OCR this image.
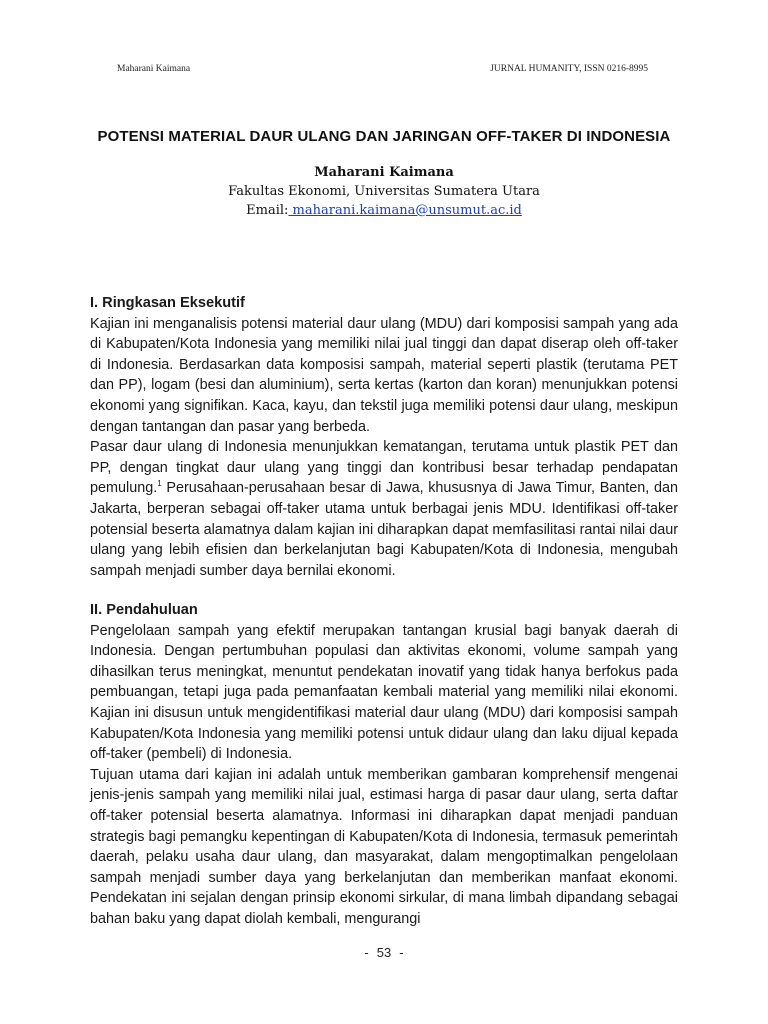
Maharani Kaimana	JURNAL HUMANITY, ISSN 0216-8995
POTENSI MATERIAL DAUR ULANG DAN JARINGAN OFF-TAKER DI INDONESIA
Maharani Kaimana
Fakultas Ekonomi, Universitas Sumatera Utara
Email: maharani.kaimana@unsumut.ac.id
I. Ringkasan Eksekutif

Kajian ini menganalisis potensi material daur ulang (MDU) dari komposisi sampah yang ada di Kabupaten/Kota Indonesia yang memiliki nilai jual tinggi dan dapat diserap oleh off-taker di Indonesia. Berdasarkan data komposisi sampah, material seperti plastik (terutama PET dan PP), logam (besi dan aluminium), serta kertas (karton dan koran) menunjukkan potensi ekonomi yang signifikan. Kaca, kayu, dan tekstil juga memiliki potensi daur ulang, meskipun dengan tantangan dan pasar yang berbeda.

Pasar daur ulang di Indonesia menunjukkan kematangan, terutama untuk plastik PET dan PP, dengan tingkat daur ulang yang tinggi dan kontribusi besar terhadap pendapatan pemulung.$^1$ Perusahaan-perusahaan besar di Jawa, khususnya di Jawa Timur, Banten, dan Jakarta, berperan sebagai off-taker utama untuk berbagai jenis MDU. Identifikasi off-taker potensial beserta alamatnya dalam kajian ini diharapkan dapat memfasilitasi rantai nilai daur ulang yang lebih efisien dan berkelanjutan bagi Kabupaten/Kota di Indonesia, mengubah sampah menjadi sumber daya bernilai ekonomi.

II. Pendahuluan

Pengelolaan sampah yang efektif merupakan tantangan krusial bagi banyak daerah di Indonesia. Dengan pertumbuhan populasi dan aktivitas ekonomi, volume sampah yang dihasilkan terus meningkat, menuntut pendekatan inovatif yang tidak hanya berfokus pada pembuangan, tetapi juga pada pemanfaatan kembali material yang memiliki nilai ekonomi. Kajian ini disusun untuk mengidentifikasi material daur ulang (MDU) dari komposisi sampah Kabupaten/Kota Indonesia yang memiliki potensi untuk didaur ulang dan laku dijual kepada off-taker (pembeli) di Indonesia.

Tujuan utama dari kajian ini adalah untuk memberikan gambaran komprehensif mengenai jenis-jenis sampah yang memiliki nilai jual, estimasi harga di pasar daur ulang, serta daftar off-taker potensial beserta alamatnya. Informasi ini diharapkan dapat menjadi panduan strategis bagi pemangku kepentingan di Kabupaten/Kota di Indonesia, termasuk pemerintah daerah, pelaku usaha daur ulang, dan masyarakat, dalam mengoptimalkan pengelolaan sampah menjadi sumber daya yang berkelanjutan dan memberikan manfaat ekonomi. Pendekatan ini sejalan dengan prinsip ekonomi sirkular, di mana limbah dipandang sebagai bahan baku yang dapat diolah kembali, mengurangi

- 53 -
